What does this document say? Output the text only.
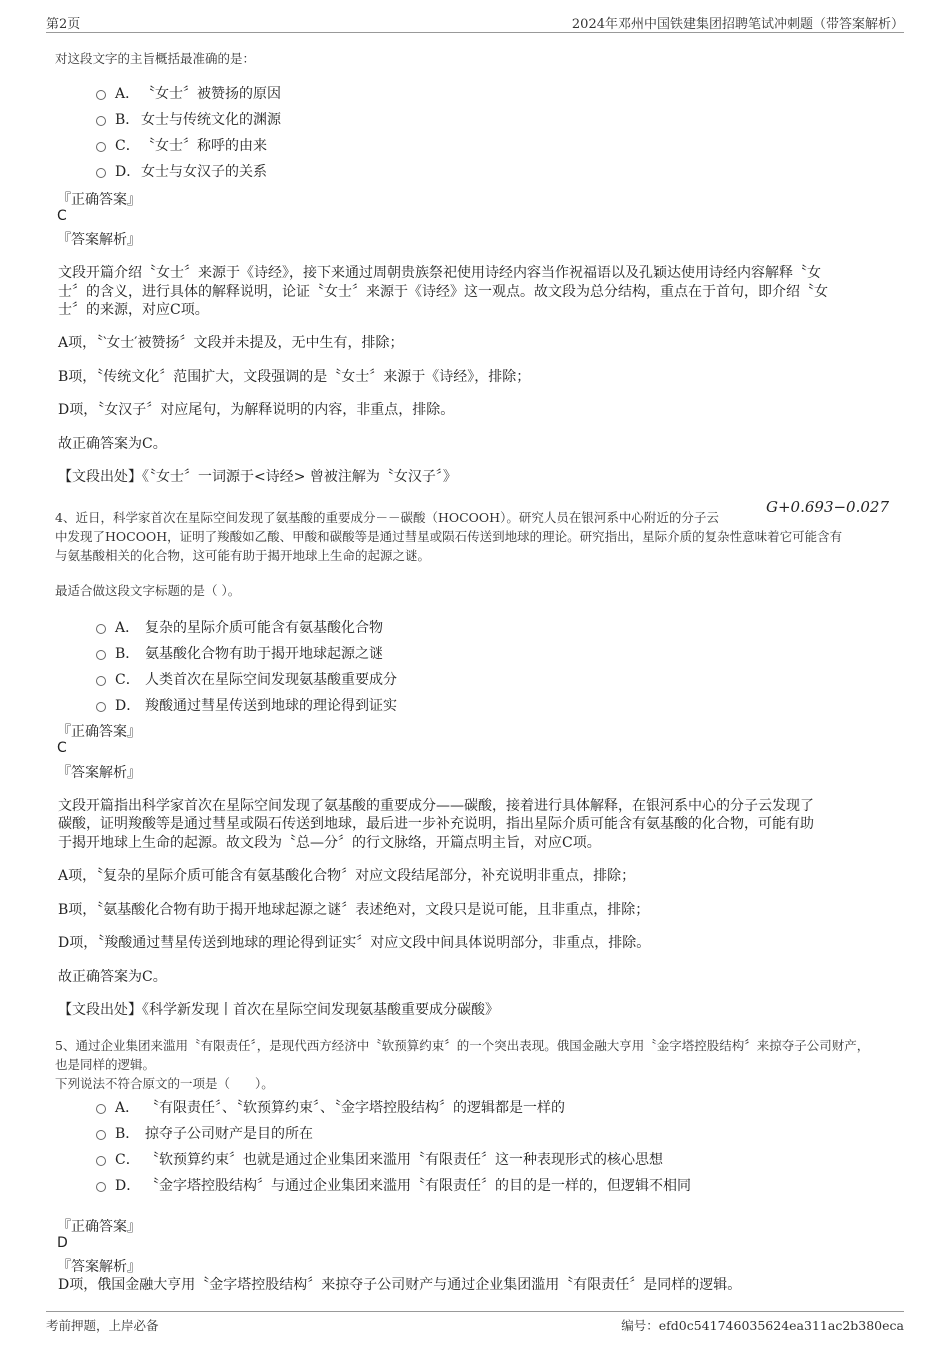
第2页	2024年邓州中国铁建集团招聘笔试冲刺题（带答案解析）
对这段文字的主旨概括最准确的是：
A． 〝女士〞被赞扬的原因
B． 女士与传统文化的渊源
C． 〝女士〞称呼的由来
D． 女士与女汉子的关系
『正确答案』
C
『答案解析』
文段开篇介绍〝女士〞来源于《诗经》，接下来通过周朝贵族祭祀使用诗经内容当作祝福语以及孔颖达使用诗经内容解释〝女
士〞的含义，进行具体的解释说明，论证〝女士〞来源于《诗经》这一观点。故文段为总分结构，重点在于首句，即介绍〝女
士〞的来源，对应C项。
A项，〝‵女士′被赞扬〞文段并未提及，无中生有，排除；
B项，〝传统文化〞范围扩大，文段强调的是〝女士〞来源于《诗经》，排除；
D项，〝女汉子〞对应尾句，为解释说明的内容，非重点，排除。
故正确答案为C。
【文段出处】《〝女士〞一词源于<诗经> 曾被注解为〝女汉子〞》
4、近日，科学家首次在星际空间发现了氨基酸的重要成分－－碳酸（HOCOOH）。研究人员在银河系中心附近的分子云
G+0.693−0.027
中发现了HOCOOH，证明了羧酸如乙酸、甲酸和碳酸等是通过彗星或陨石传送到地球的理论。研究指出，星际介质的复杂性意味着它可能含有
与氨基酸相关的化合物，这可能有助于揭开地球上生命的起源之谜。
最适合做这段文字标题的是（ ）。
A． 复杂的星际介质可能含有氨基酸化合物
B． 氨基酸化合物有助于揭开地球起源之谜
C． 人类首次在星际空间发现氨基酸重要成分
D． 羧酸通过彗星传送到地球的理论得到证实
『正确答案』
C
『答案解析』
文段开篇指出科学家首次在星际空间发现了氨基酸的重要成分——碳酸，接着进行具体解释，在银河系中心的分子云发现了
碳酸，证明羧酸等是通过彗星或陨石传送到地球，最后进一步补充说明，指出星际介质可能含有氨基酸的化合物，可能有助
于揭开地球上生命的起源。故文段为〝总—分〞的行文脉络，开篇点明主旨，对应C项。
A项，〝复杂的星际介质可能含有氨基酸化合物〞对应文段结尾部分，补充说明非重点，排除；
B项，〝氨基酸化合物有助于揭开地球起源之谜〞表述绝对，文段只是说可能，且非重点，排除；
D项，〝羧酸通过彗星传送到地球的理论得到证实〞对应文段中间具体说明部分，非重点，排除。
故正确答案为C。
【文段出处】《科学新发现丨首次在星际空间发现氨基酸重要成分碳酸》
5、通过企业集团来滥用〝有限责任〞，是现代西方经济中〝软预算约束〞的一个突出表现。俄国金融大亨用〝金字塔控股结构〞来掠夺子公司财产，
也是同样的逻辑。
下列说法不符合原文的一项是（　　）。
A． 〝有限责任〞、〝软预算约束〞、〝金字塔控股结构〞的逻辑都是一样的
B． 掠夺子公司财产是目的所在
C． 〝软预算约束〞也就是通过企业集团来滥用〝有限责任〞这一种表现形式的核心思想
D． 〝金字塔控股结构〞与通过企业集团来滥用〝有限责任〞的目的是一样的，但逻辑不相同
『正确答案』
D
『答案解析』
D项，俄国金融大亨用〝金字塔控股结构〞来掠夺子公司财产与通过企业集团滥用〝有限责任〞是同样的逻辑。
考前押题，上岸必备	编号：efd0c541746035624ea311ac2b380eca
